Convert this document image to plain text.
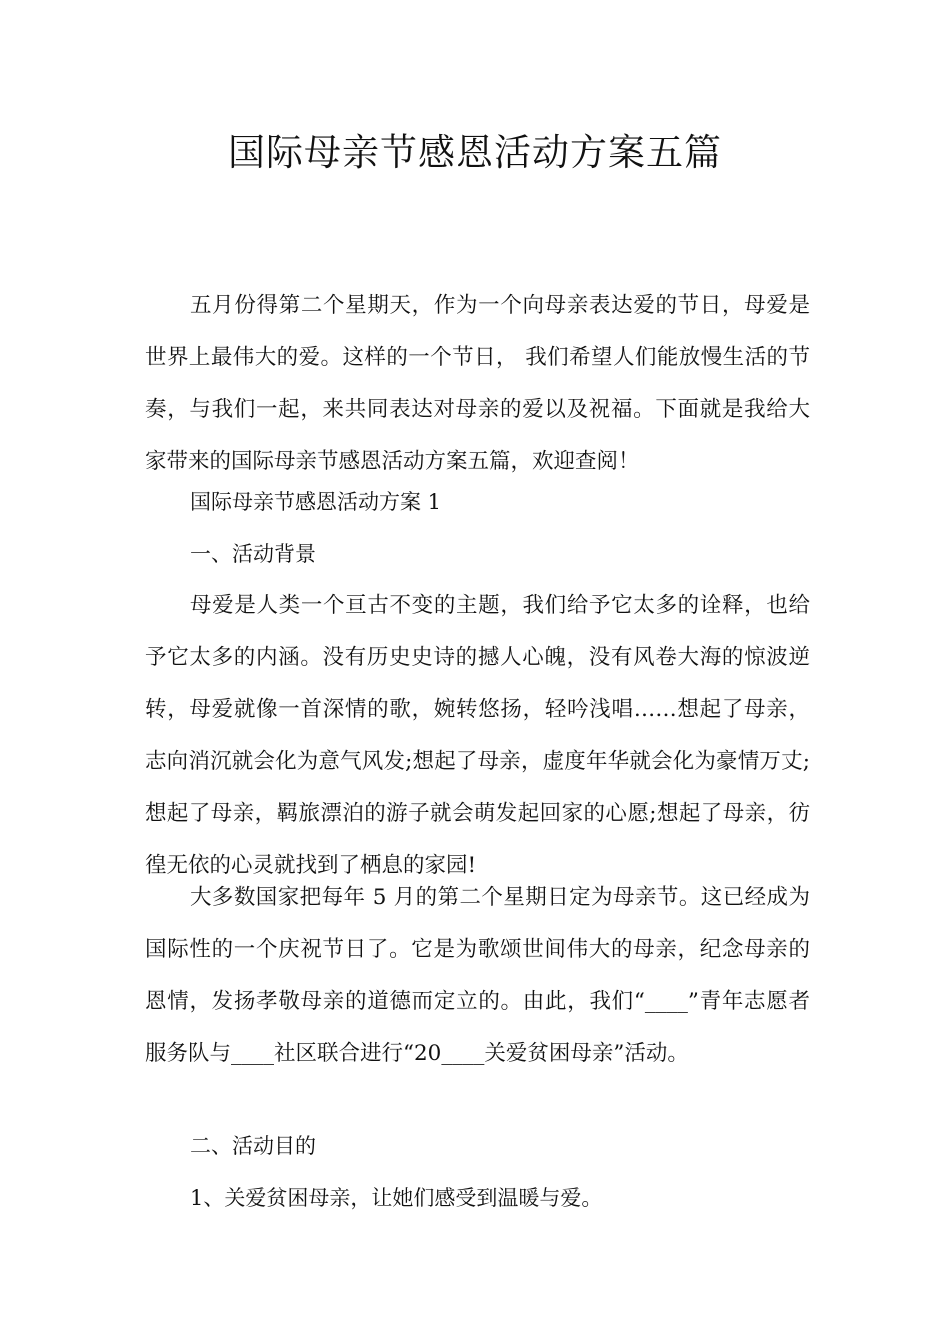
国际母亲节感恩活动方案五篇

五月份得第二个星期天，作为一个向母亲表达爱的节日，母爱是世界上最伟大的爱。这样的一个节日， 我们希望人们能放慢生活的节奏，与我们一起，来共同表达对母亲的爱以及祝福。下面就是我给大家带来的国际母亲节感恩活动方案五篇，欢迎查阅！

国际母亲节感恩活动方案 1

一、活动背景

母爱是人类一个亘古不变的主题，我们给予它太多的诠释，也给予它太多的内涵。没有历史史诗的撼人心魄，没有风卷大海的惊波逆转，母爱就像一首深情的歌，婉转悠扬，轻吟浅唱……想起了母亲，志向消沉就会化为意气风发;想起了母亲，虚度年华就会化为豪情万丈;想起了母亲，羁旅漂泊的游子就会萌发起回家的心愿;想起了母亲，彷徨无依的心灵就找到了栖息的家园!

大多数国家把每年 5 月的第二个星期日定为母亲节。这已经成为国际性的一个庆祝节日了。它是为歌颂世间伟大的母亲，纪念母亲的恩情，发扬孝敬母亲的道德而定立的。由此，我们“____”青年志愿者服务队与____社区联合进行“20____关爱贫困母亲”活动。

二、活动目的

1、关爱贫困母亲，让她们感受到温暖与爱。
